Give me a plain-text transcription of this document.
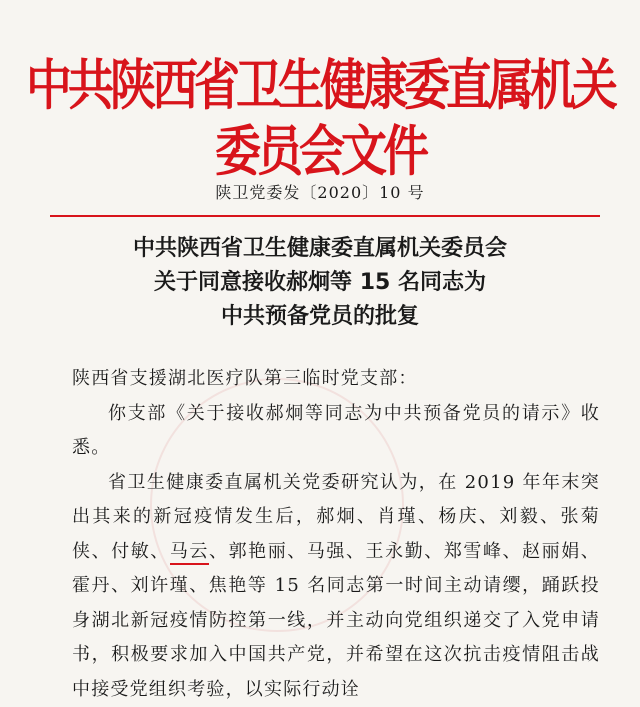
中共陕西省卫生健康委直属机关委员会文件
陕卫党委发〔2020〕10 号
中共陕西省卫生健康委直属机关委员会
关于同意接收郝炯等 15 名同志为
中共预备党员的批复

陕西省支援湖北医疗队第三临时党支部：

你支部《关于接收郝炯等同志为中共预备党员的请示》收悉。

省卫生健康委直属机关党委研究认为，在 2019 年年末突出其来的新冠疫情发生后，郝炯、肖瑾、杨庆、刘毅、张菊侠、付敏、马云、郭艳丽、马强、王永勤、郑雪峰、赵丽娟、霍丹、刘许瑾、焦艳等 15 名同志第一时间主动请缨，踊跃投身湖北新冠疫情防控第一线，并主动向党组织递交了入党申请书，积极要求加入中国共产党，并希望在这次抗击疫情阻击战中接受党组织考验，以实际行动诠
